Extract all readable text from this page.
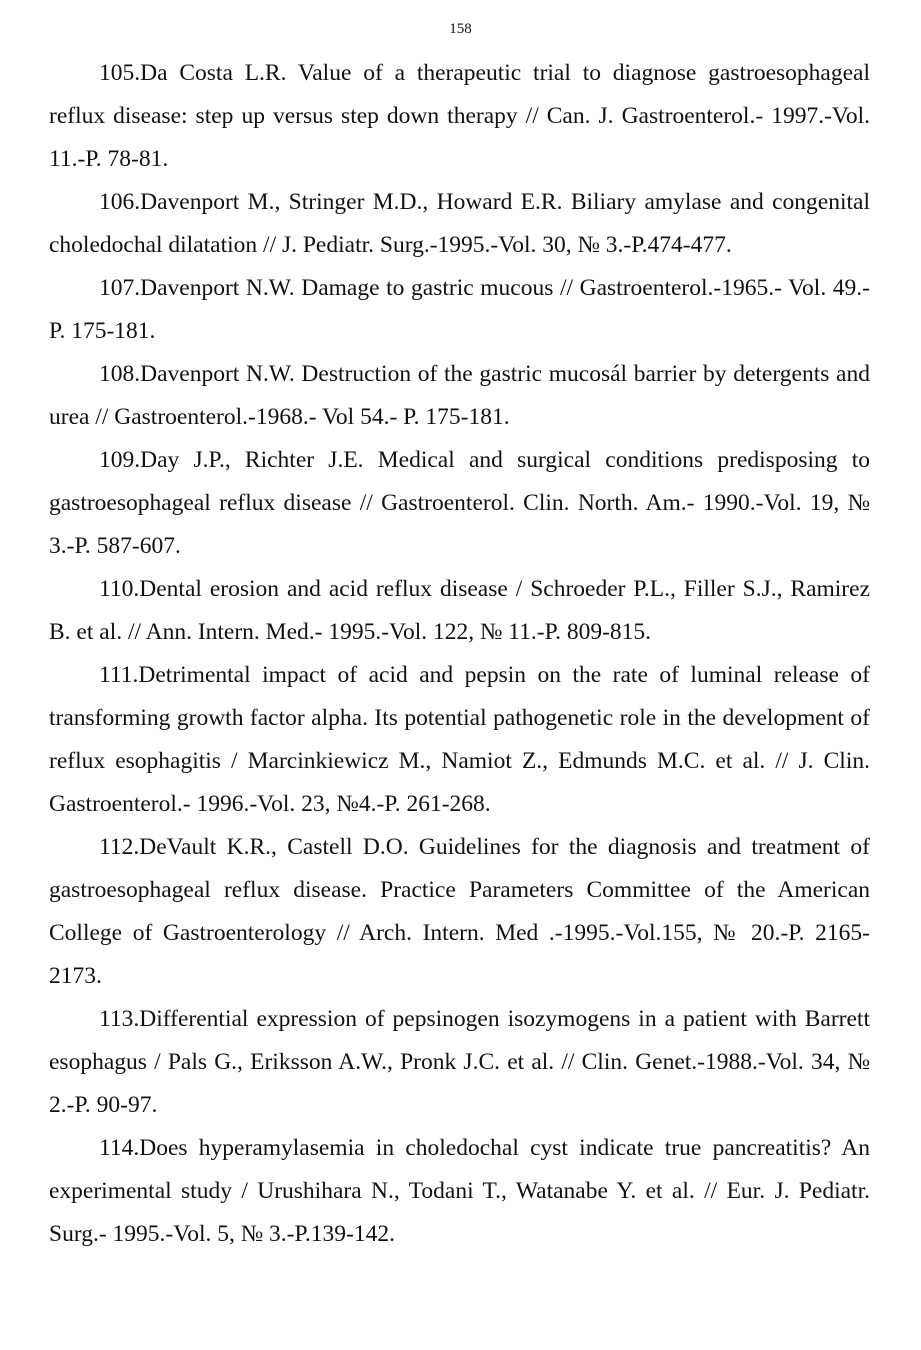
158

105.Da Costa L.R. Value of a therapeutic trial to diagnose gastroesophageal reflux disease: step up versus step down therapy // Can. J. Gastroenterol.- 1997.-Vol. 11.-P. 78-81.

106.Davenport M., Stringer M.D., Howard E.R. Biliary amylase and congenital choledochal dilatation // J. Pediatr. Surg.-1995.-Vol. 30, № 3.-P.474-477.

107.Davenport N.W. Damage to gastric mucous // Gastroenterol.-1965.- Vol. 49.-P. 175-181.

108.Davenport N.W. Destruction of the gastric mucosál barrier by detergents and urea // Gastroenterol.-1968.- Vol 54.- P. 175-181.

109.Day J.P., Richter J.E. Medical and surgical conditions predisposing to gastroesophageal reflux disease // Gastroenterol. Clin. North. Am.- 1990.-Vol. 19, № 3.-P. 587-607.

110.Dental erosion and acid reflux disease / Schroeder P.L., Filler S.J., Ramirez B. et al. // Ann. Intern. Med.- 1995.-Vol. 122, № 11.-P. 809-815.

111.Detrimental impact of acid and pepsin on the rate of luminal release of transforming growth factor alpha. Its potential pathogenetic role in the development of reflux esophagitis / Marcinkiewicz M., Namiot Z., Edmunds M.C. et al. // J. Clin. Gastroenterol.- 1996.-Vol. 23, №4.-P. 261-268.

112.DeVault K.R., Castell D.O. Guidelines for the diagnosis and treatment of gastroesophageal reflux disease. Practice Parameters Committee of the American College of Gastroenterology // Arch. Intern. Med .-1995.-Vol.155, № 20.-P. 2165-2173.

113.Differential expression of pepsinogen isozymogens in a patient with Barrett esophagus / Pals G., Eriksson A.W., Pronk J.C. et al. // Clin. Genet.-1988.-Vol. 34, № 2.-P. 90-97.

114.Does hyperamylasemia in choledochal cyst indicate true pancreatitis? An experimental study / Urushihara N., Todani T., Watanabe Y. et al. // Eur. J. Pediatr. Surg.- 1995.-Vol. 5, № 3.-P.139-142.
